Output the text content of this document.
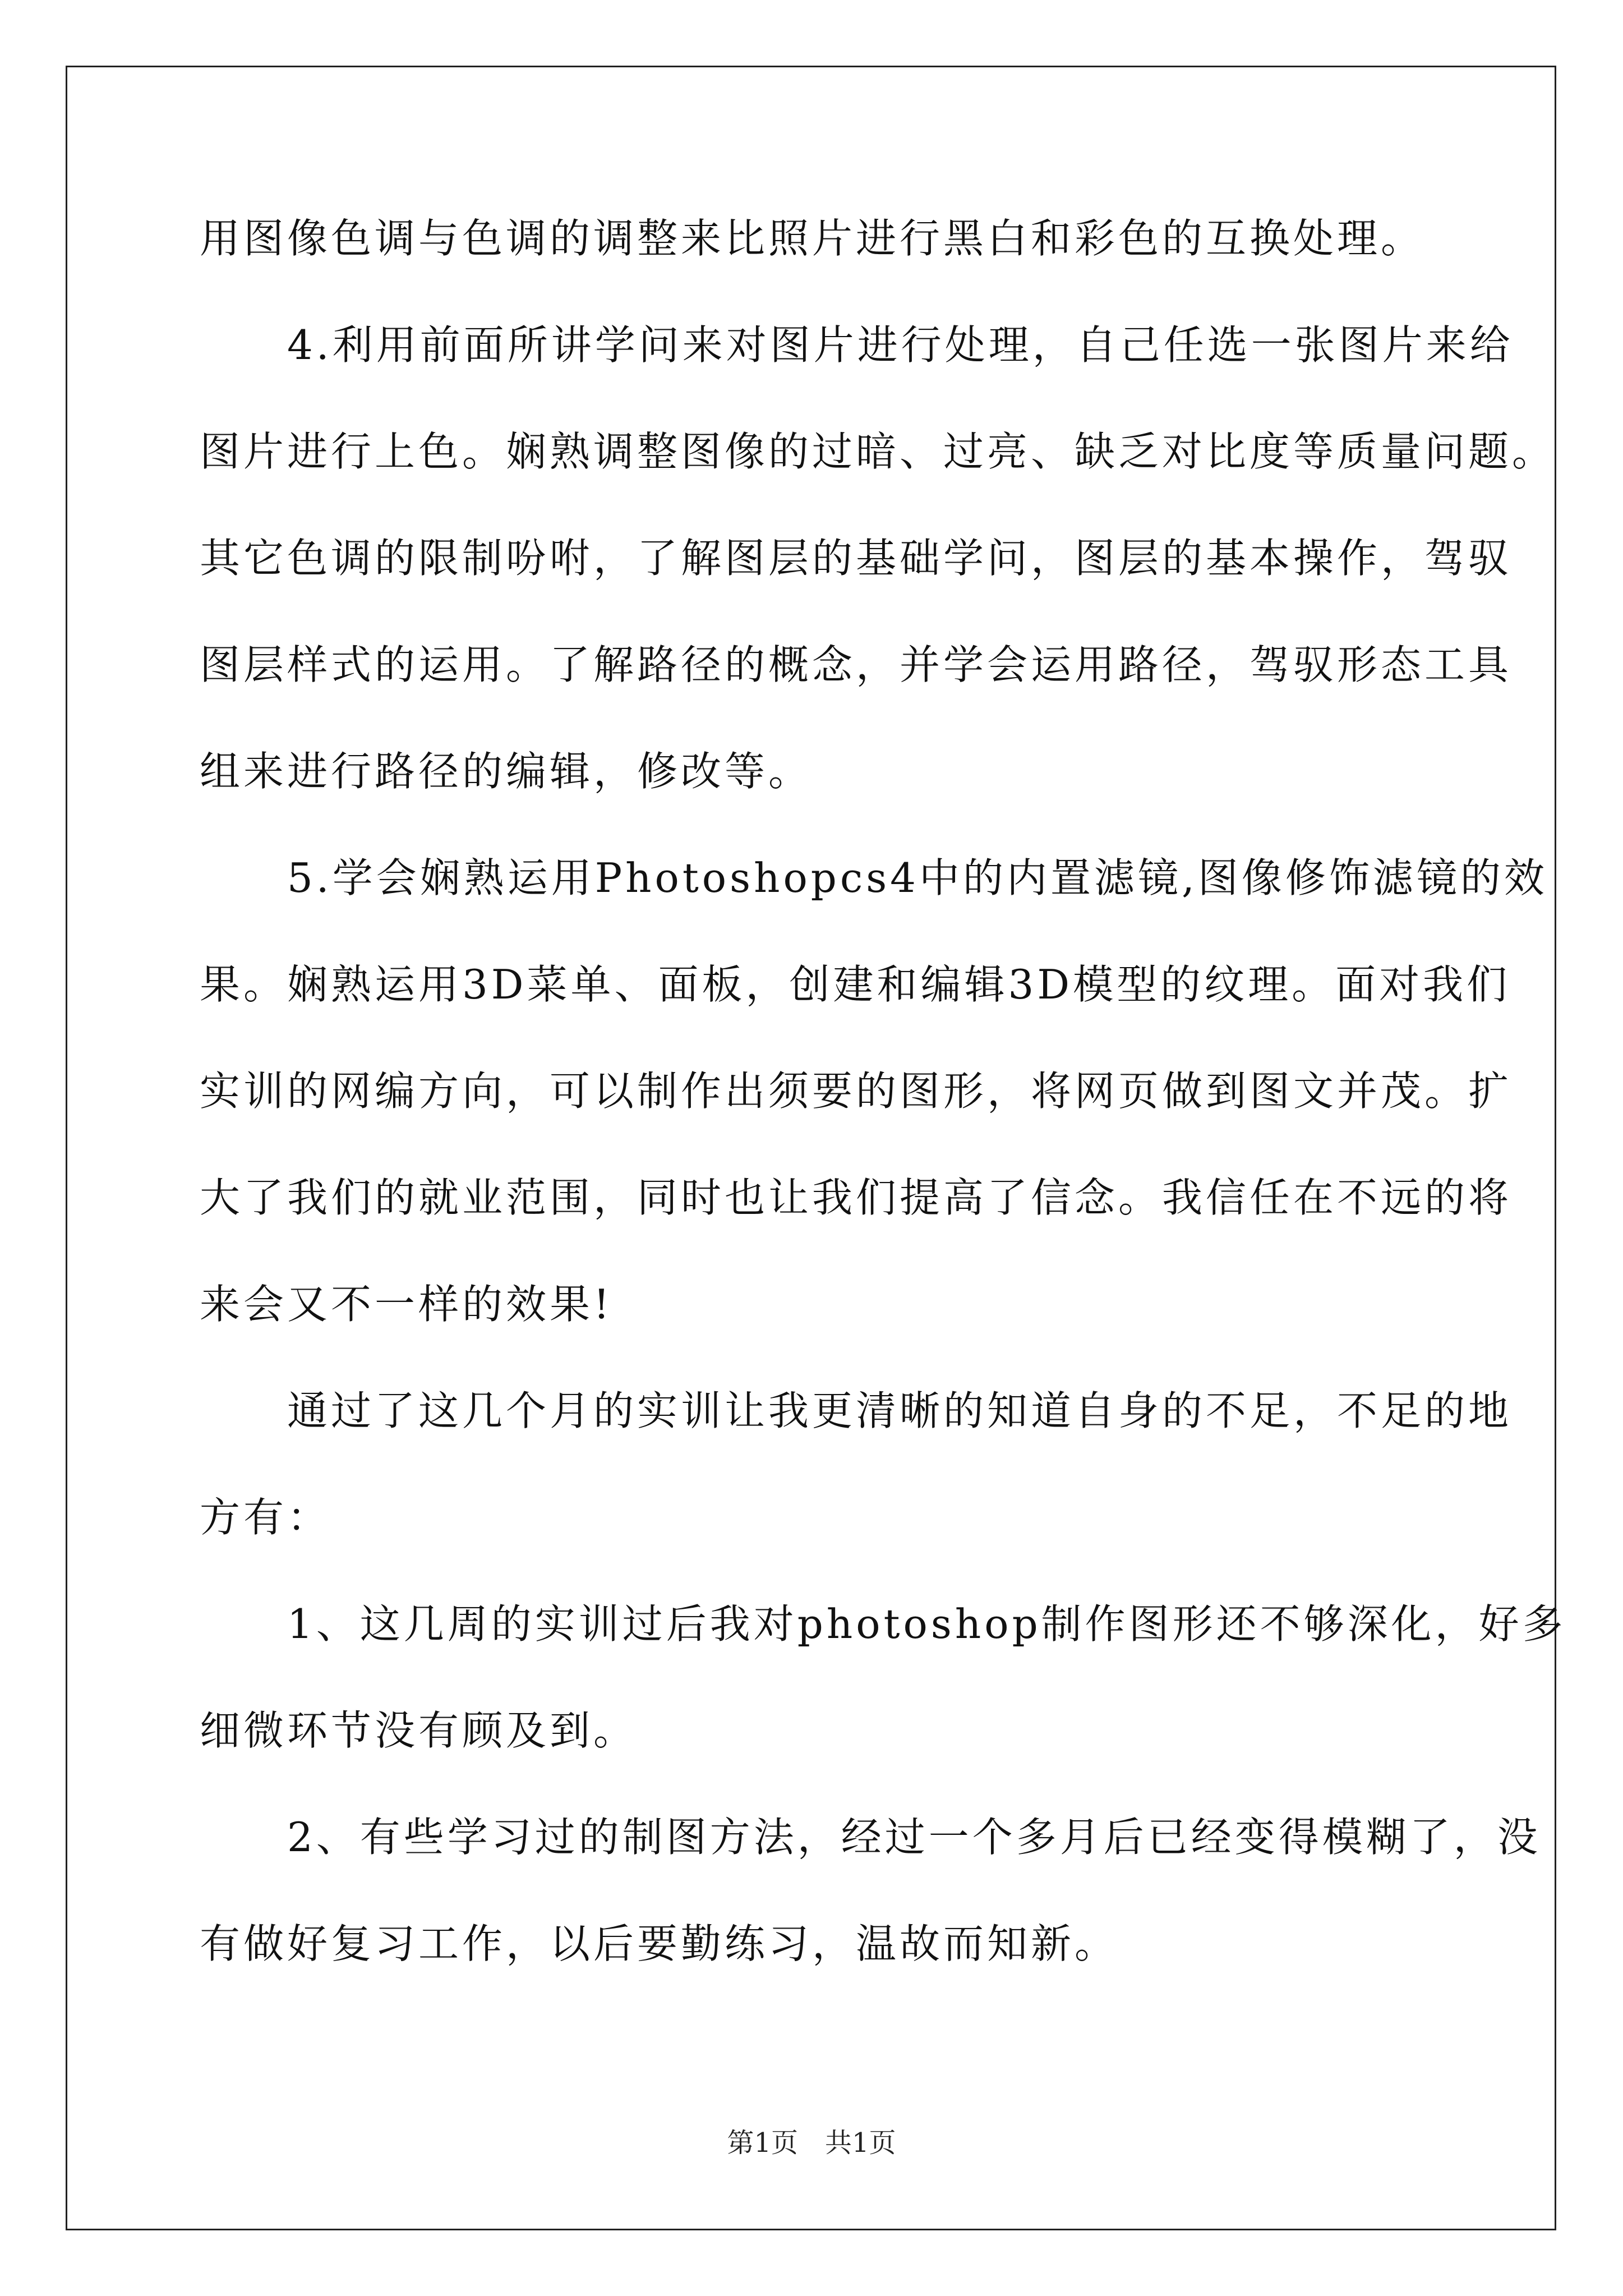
用图像色调与色调的调整来比照片进行黑白和彩色的互换处理。
　　4.利用前面所讲学问来对图片进行处理，自己任选一张图片来给
图片进行上色。娴熟调整图像的过暗、过亮、缺乏对比度等质量问题。
其它色调的限制吩咐，了解图层的基础学问，图层的基本操作，驾驭
图层样式的运用。了解路径的概念，并学会运用路径，驾驭形态工具
组来进行路径的编辑，修改等。
　　5.学会娴熟运用Photoshopcs4中的内置滤镜,图像修饰滤镜的效
果。娴熟运用3D菜单、面板，创建和编辑3D模型的纹理。面对我们
实训的网编方向，可以制作出须要的图形，将网页做到图文并茂。扩
大了我们的就业范围，同时也让我们提高了信念。我信任在不远的将
来会又不一样的效果!
　　通过了这几个月的实训让我更清晰的知道自身的不足，不足的地
方有：
　　1、这几周的实训过后我对photoshop制作图形还不够深化，好多
细微环节没有顾及到。
　　2、有些学习过的制图方法，经过一个多月后已经变得模糊了，没
有做好复习工作，以后要勤练习，温故而知新。
第1页　共1页
